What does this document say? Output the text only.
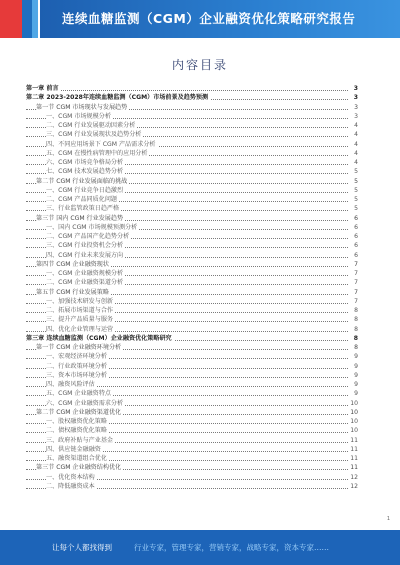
连续血糖监测（CGM）企业融资优化策略研究报告
内容目录
第一章 前言	3
第二章 2023-2028年连续血糖监测（CGM）市场前景及趋势预测	3
第一节 CGM 市场现状与发展趋势	3
一、CGM 市场规模分析	3
二、CGM 行业发展驱动因素分析	4
三、CGM 行业发展现状及趋势分析	4
四、不同应用场景下 CGM 产品需求分析	4
五、CGM 在慢性病管理中的应用分析	4
六、CGM 市场竞争格局分析	4
七、CGM 技术发展趋势分析	5
第二节 CGM 行业发展面临的挑战	5
一、CGM 行业竞争日趋激烈	5
二、CGM 产品同质化问题	5
三、行业监管政策日趋严格	5
第三节 国内 CGM 行业发展趋势	6
一、国内 CGM 市场规模预测分析	6
二、CGM 产品国产化趋势分析	6
三、CGM 行业投资机会分析	6
四、CGM 行业未来发展方向	6
第四节 CGM 企业融资现状	7
一、CGM 企业融资规模分析	7
二、CGM 企业融资渠道分析	7
第五节 CGM 行业发展策略	7
一、加强技术研发与创新	7
二、拓展市场渠道与合作	8
三、提升产品质量与服务	8
四、优化企业管理与运营	8
第三章 连续血糖监测（CGM）企业融资优化策略研究	8
第一节 CGM 企业融资环境分析	8
一、宏观经济环境分析	9
二、行业政策环境分析	9
三、资本市场环境分析	9
四、融资风险评估	9
五、CGM 企业融资特点	9
六、CGM 企业融资需求分析	10
第二节 CGM 企业融资渠道优化	10
一、股权融资优化策略	10
二、债权融资优化策略	10
三、政府补贴与产业基金	11
四、供应链金融融资	11
五、融资渠道组合优化	11
第三节 CGM 企业融资结构优化	11
一、优化资本结构	12
二、降低融资成本	12
1
让每个人都找得到	行业专家，管理专家，营销专家，战略专家，资本专家……
